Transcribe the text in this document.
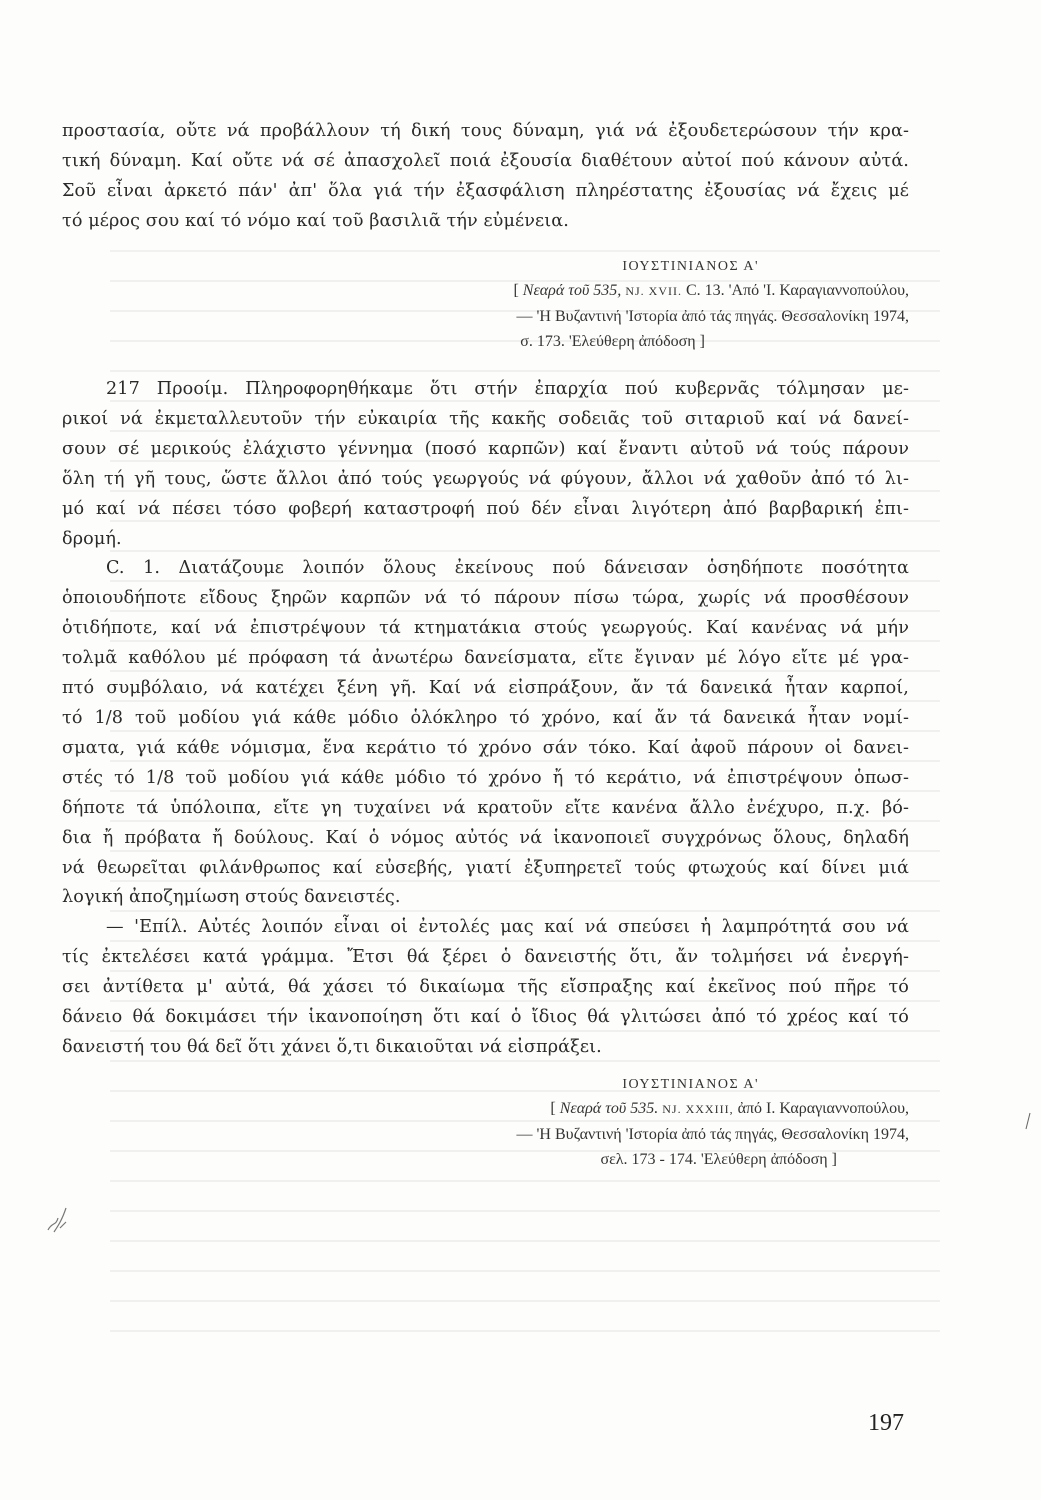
προστασία, οὔτε νά προβάλλουν τή δική τους δύναμη, γιά νά ἐξουδετερώσουν τήν κρα-

τική δύναμη. Καί οὔτε νά σέ ἀπασχολεῖ ποιά ἐξουσία διαθέτουν αὐτοί πού κάνουν αὐτά.

Σοῦ εἶναι ἀρκετό πάν' ἀπ' ὅλα γιά τήν ἐξασφάλιση πληρέστατης ἐξουσίας νά ἔχεις μέ

τό μέρος σου καί τό νόμο καί τοῦ βασιλιᾶ τήν εὐμένεια.

ΙΟΥΣΤΙΝΙΑΝΟΣ Α'

[ Νεαρά τοῦ 535, ΝJ. XVII. C. 13. 'Από 'Ι. Καραγιαννοπούλου,

— 'Η Βυζαντινή 'Ιστορία ἀπό τάς πηγάς. Θεσσαλονίκη 1974,

σ. 173. 'Ελεύθερη ἀπόδοση ]

217 Προοίμ. Πληροφορηθήκαμε ὅτι στήν ἐπαρχία πού κυβερνᾶς τόλμησαν με-

ρικοί νά ἐκμεταλλευτοῦν τήν εὐκαιρία τῆς κακῆς σοδειᾶς τοῦ σιταριοῦ καί νά δανεί-

σουν σέ μερικούς ἐλάχιστο γέννημα (ποσό καρπῶν) καί ἔναντι αὐτοῦ νά τούς πάρουν

ὅλη τή γῆ τους, ὥστε ἄλλοι ἀπό τούς γεωργούς νά φύγουν, ἄλλοι νά χαθοῦν ἀπό τό λι-

μό καί νά πέσει τόσο φοβερή καταστροφή πού δέν εἶναι λιγότερη ἀπό βαρβαρική ἐπι-

δρομή.

C. 1. Διατάζουμε λοιπόν ὅλους ἐκείνους πού δάνεισαν ὁσηδήποτε ποσότητα

ὁποιουδήποτε εἴδους ξηρῶν καρπῶν νά τό πάρουν πίσω τώρα, χωρίς νά προσθέσουν

ὁτιδήποτε, καί νά ἐπιστρέψουν τά κτηματάκια στούς γεωργούς. Καί κανένας νά μήν

τολμᾶ καθόλου μέ πρόφαση τά ἀνωτέρω δανείσματα, εἴτε ἔγιναν μέ λόγο εἴτε μέ γρα-

πτό συμβόλαιο, νά κατέχει ξένη γῆ. Καί νά εἰσπράξουν, ἄν τά δανεικά ἦταν καρποί,

τό 1/8 τοῦ μοδίου γιά κάθε μόδιο ὁλόκληρο τό χρόνο, καί ἄν τά δανεικά ἦταν νομί-

σματα, γιά κάθε νόμισμα, ἕνα κεράτιο τό χρόνο σάν τόκο. Καί ἀφοῦ πάρουν οἱ δανει-

στές τό 1/8 τοῦ μοδίου γιά κάθε μόδιο τό χρόνο ἤ τό κεράτιο, νά ἐπιστρέψουν ὁπωσ-

δήποτε τά ὑπόλοιπα, εἴτε γη τυχαίνει νά κρατοῦν εἴτε κανένα ἄλλο ἐνέχυρο, π.χ. βό-

δια ἤ πρόβατα ἤ δούλους. Καί ὁ νόμος αὐτός νά ἱκανοποιεῖ συγχρόνως ὅλους, δηλαδή

νά θεωρεῖται φιλάνθρωπος καί εὐσεβής, γιατί ἐξυπηρετεῖ τούς φτωχούς καί δίνει μιά

λογική ἀποζημίωση στούς δανειστές.

— 'Επίλ. Αὐτές λοιπόν εἶναι οἱ ἐντολές μας καί νά σπεύσει ἡ λαμπρότητά σου νά

τίς ἐκτελέσει κατά γράμμα. Ἔτσι θά ξέρει ὁ δανειστής ὅτι, ἄν τολμήσει νά ἐνεργή-

σει ἀντίθετα μ' αὐτά, θά χάσει τό δικαίωμα τῆς εἴσπραξης καί ἐκεῖνος πού πῆρε τό

δάνειο θά δοκιμάσει τήν ἱκανοποίηση ὅτι καί ὁ ἴδιος θά γλιτώσει ἀπό τό χρέος καί τό

δανειστή του θά δεῖ ὅτι χάνει ὅ,τι δικαιοῦται νά εἰσπράξει.

ΙΟΥΣΤΙΝΙΑΝΟΣ Α'

[ Νεαρά τοῦ 535. ΝJ. XXXIII, ἀπό Ι. Καραγιαννοπούλου,

— 'Η Βυζαντινή 'Ιστορία ἀπό τάς πηγάς, Θεσσαλονίκη 1974,

σελ. 173 - 174. 'Ελεύθερη ἀπόδοση ]

197
